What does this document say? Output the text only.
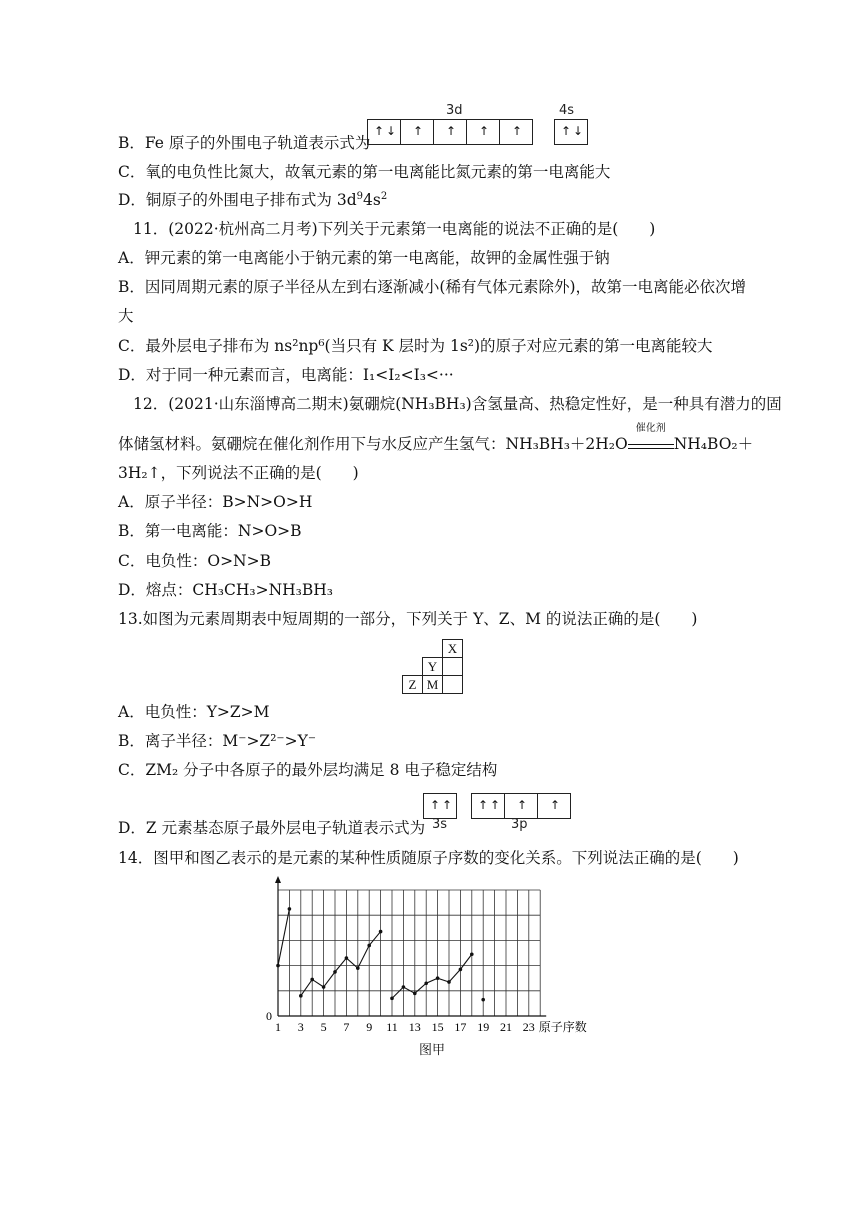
B．Fe 原子的外围电子轨道表示式为
3d	4s
↑ ↓ ↑ ↑ ↑ ↑	↑ ↓
C．氧的电负性比氮大，故氧元素的第一电离能比氮元素的第一电离能大
D．铜原子的外围电子排布式为 $3d^94s^2$
11．(2022·杭州高二月考)下列关于元素第一电离能的说法不正确的是(　　)
A．钾元素的第一电离能小于钠元素的第一电离能，故钾的金属性强于钠
B．因同周期元素的原子半径从左到右逐渐减小(稀有气体元素除外)，故第一电离能必依次增
大
C．最外层电子排布为 ns²np⁶(当只有 K 层时为 1s²)的原子对应元素的第一电离能较大
D．对于同一种元素而言，电离能：I₁<I₂<I₃<···
12．(2021·山东淄博高二期末)氨硼烷(NH₃BH₃)含氢量高、热稳定性好，是一种具有潜力的固
体储氢材料。氨硼烷在催化剂作用下与水反应产生氢气：NH₃BH₃＋2H₂O
催化剂
NH₄BO₂＋
3H₂↑，下列说法不正确的是(　　)
A．原子半径：B>N>O>H
B．第一电离能：N>O>B
C．电负性：O>N>B
D．熔点：CH₃CH₃>NH₃BH₃
13.如图为元素周期表中短周期的一部分，下列关于 Y、Z、M 的说法正确的是(　　)
		X
	Y	
Z	M	
A．电负性：Y>Z>M
B．离子半径：M⁻>Z²⁻>Y⁻
C．ZM₂ 分子中各原子的最外层均满足 8 电子稳定结构
D．Z 元素基态原子最外层电子轨道表示式为
↑ ↑ ↑ ↑ ↑ ↑
3s	3p
14．图甲和图乙表示的是元素的某种性质随原子序数的变化关系。下列说法正确的是(　　)
1 3 5 7 9 11 13 15 17 19 21 23
0
原子序数
图甲
